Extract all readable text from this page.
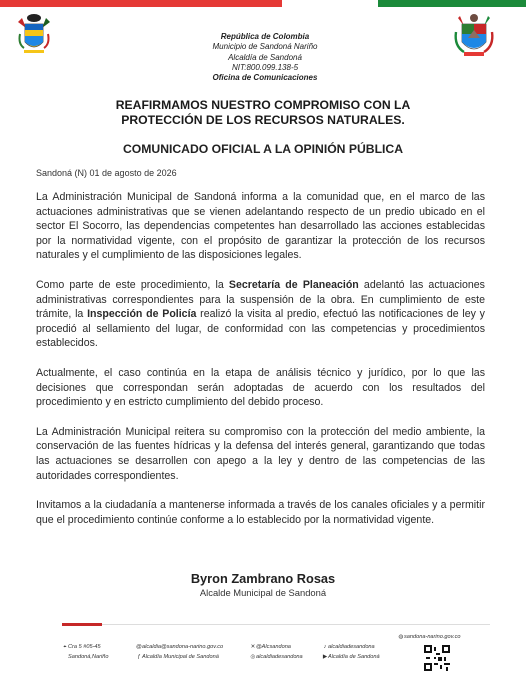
República de Colombia
Municipio de Sandoná Nariño
Alcaldía de Sandoná
NIT:800.099.138-5
Oficina de Comunicaciones
REAFIRMAMOS NUESTRO COMPROMISO CON LA
PROTECCIÓN DE LOS RECURSOS NATURALES.
COMUNICADO OFICIAL A LA OPINIÓN PÚBLICA
Sandoná (N) 01 de agosto de 2026

La Administración Municipal de Sandoná informa a la comunidad que, en el marco de las actuaciones administrativas que se vienen adelantando respecto de un predio ubicado en el sector El Socorro, las dependencias competentes han desarrollado las acciones establecidas por la normatividad vigente, con el propósito de garantizar la protección de los recursos naturales y el cumplimiento de las disposiciones legales.

Como parte de este procedimiento, la Secretaría de Planeación adelantó las actuaciones administrativas correspondientes para la suspensión de la obra. En cumplimiento de este trámite, la Inspección de Policía realizó la visita al predio, efectuó las notificaciones de ley y procedió al sellamiento del lugar, de conformidad con las competencias y procedimientos establecidos.

Actualmente, el caso continúa en la etapa de análisis técnico y jurídico, por lo que las decisiones que correspondan serán adoptadas de acuerdo con los resultados del procedimiento y en estricto cumplimiento del debido proceso.

La Administración Municipal reitera su compromiso con la protección del medio ambiente, la conservación de las fuentes hídricas y la defensa del interés general, garantizando que todas las actuaciones se desarrollen con apego a la ley y dentro de las competencias de las autoridades correspondientes.

Invitamos a la ciudadanía a mantenerse informada a través de los canales oficiales y a permitir que el procedimiento continúe conforme a lo establecido por la normatividad vigente.

Byron Zambrano Rosas
Alcalde Municipal de Sandoná
◍sandona-narino.gov.co
⌖Cra 5 #05-45
Sandoná,Nariño
@alcaldia@sandona-narino.gov.co
ƒAlcaldía Municipal de Sandoná
✕@Alcsandona
◎alcaldiadesandona
♪ alcaldiadesandona
▶Alcaldía de Sandoná
